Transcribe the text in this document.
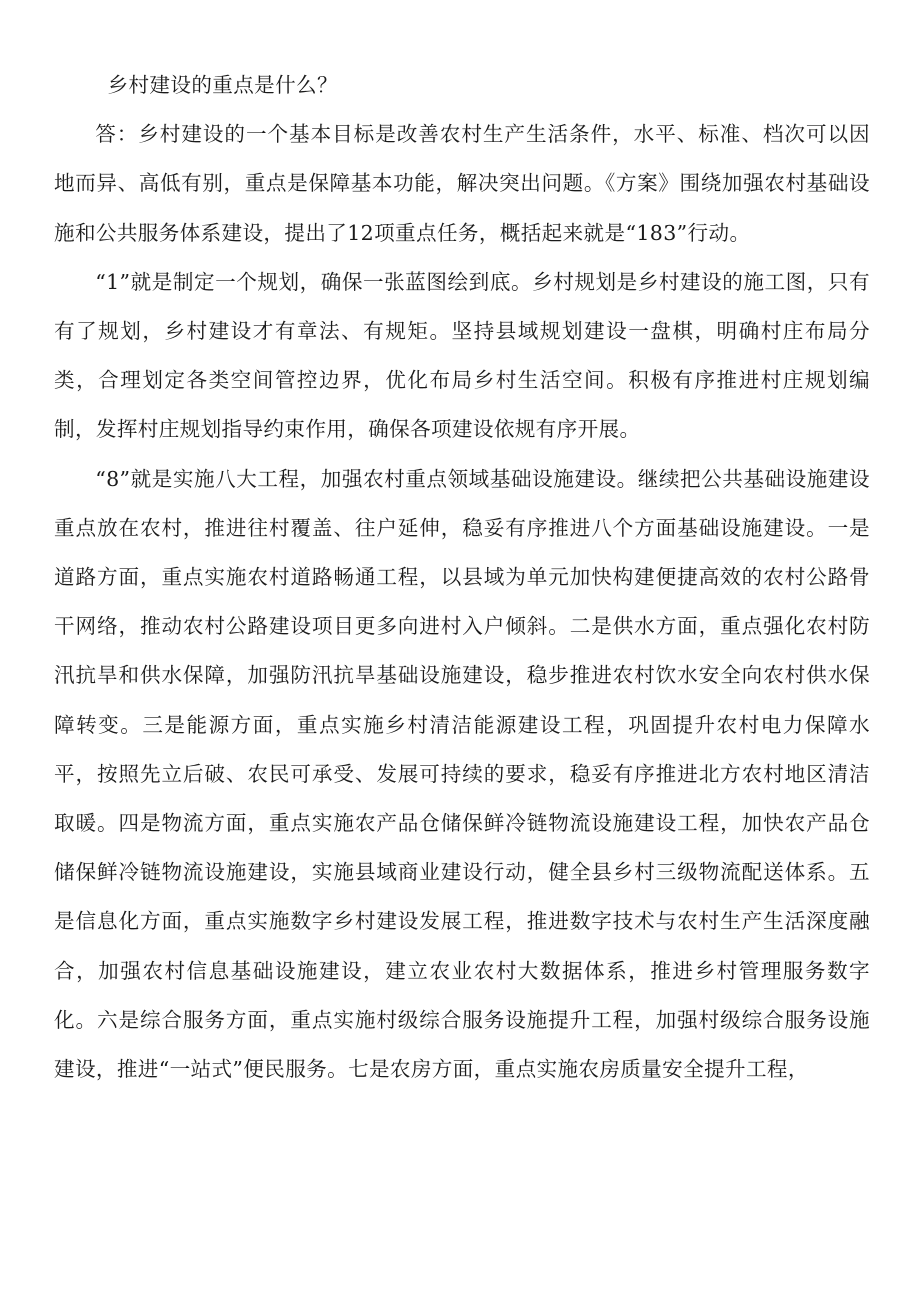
乡村建设的重点是什么？

答：乡村建设的一个基本目标是改善农村生产生活条件，水平、标准、档次可以因地而异、高低有别，重点是保障基本功能，解决突出问题。《方案》围绕加强农村基础设施和公共服务体系建设，提出了12项重点任务，概括起来就是“183”行动。

“1”就是制定一个规划，确保一张蓝图绘到底。乡村规划是乡村建设的施工图，只有有了规划，乡村建设才有章法、有规矩。坚持县域规划建设一盘棋，明确村庄布局分类，合理划定各类空间管控边界，优化布局乡村生活空间。积极有序推进村庄规划编制，发挥村庄规划指导约束作用，确保各项建设依规有序开展。

“8”就是实施八大工程，加强农村重点领域基础设施建设。继续把公共基础设施建设重点放在农村，推进往村覆盖、往户延伸，稳妥有序推进八个方面基础设施建设。一是道路方面，重点实施农村道路畅通工程，以县域为单元加快构建便捷高效的农村公路骨干网络，推动农村公路建设项目更多向进村入户倾斜。二是供水方面，重点强化农村防汛抗旱和供水保障，加强防汛抗旱基础设施建设，稳步推进农村饮水安全向农村供水保障转变。三是能源方面，重点实施乡村清洁能源建设工程，巩固提升农村电力保障水平，按照先立后破、农民可承受、发展可持续的要求，稳妥有序推进北方农村地区清洁取暖。四是物流方面，重点实施农产品仓储保鲜冷链物流设施建设工程，加快农产品仓储保鲜冷链物流设施建设，实施县域商业建设行动，健全县乡村三级物流配送体系。五是信息化方面，重点实施数字乡村建设发展工程，推进数字技术与农村生产生活深度融合，加强农村信息基础设施建设，建立农业农村大数据体系，推进乡村管理服务数字化。六是综合服务方面，重点实施村级综合服务设施提升工程，加强村级综合服务设施建设，推进“一站式”便民服务。七是农房方面，重点实施农房质量安全提升工程，
